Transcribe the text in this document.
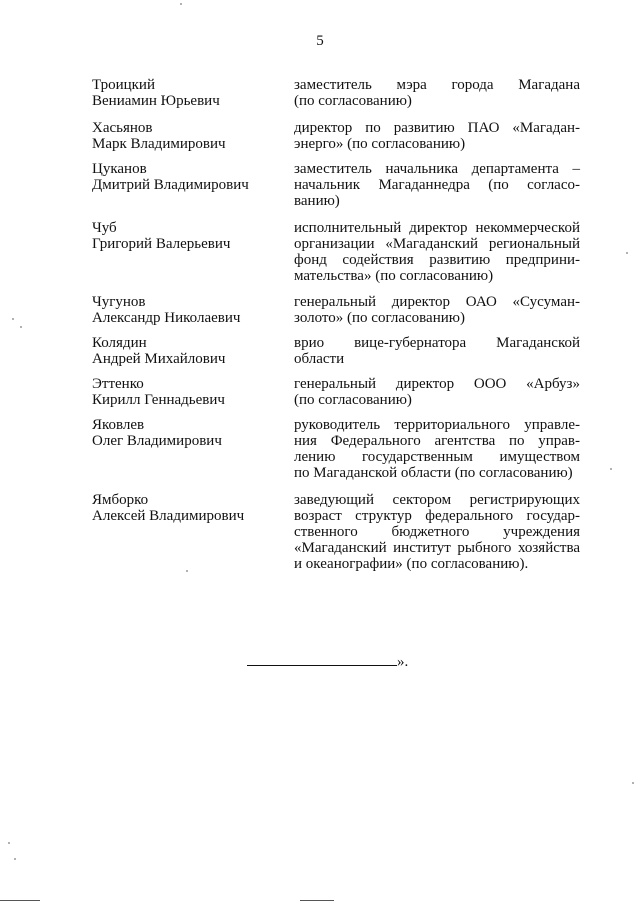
5
Троицкий
Вениамин Юрьевич
заместитель мэра города Магадана
(по согласованию)
Хасьянов
Марк Владимирович
директор по развитию ПАО «Магадан-
энерго» (по согласованию)
Цуканов
Дмитрий Владимирович
заместитель начальника департамента –
начальник Магаданнедра (по согласо-
ванию)
Чуб
Григорий Валерьевич
исполнительный директор некоммерческой
организации «Магаданский региональный
фонд содействия развитию предприни-
мательства» (по согласованию)
Чугунов
Александр Николаевич
генеральный директор ОАО «Сусуман-
золото» (по согласованию)
Колядин
Андрей Михайлович
врио вице-губернатора Магаданской
области
Эттенко
Кирилл Геннадьевич
генеральный директор ООО «Арбуз»
(по согласованию)
Яковлев
Олег Владимирович
руководитель территориального управле-
ния Федерального агентства по управ-
лению государственным имуществом
по Магаданской области (по согласованию)
Ямборко
Алексей Владимирович
заведующий сектором регистрирующих
возраст структур федерального государ-
ственного бюджетного учреждения
«Магаданский институт рыбного хозяйства
и океанографии» (по согласованию).
».
